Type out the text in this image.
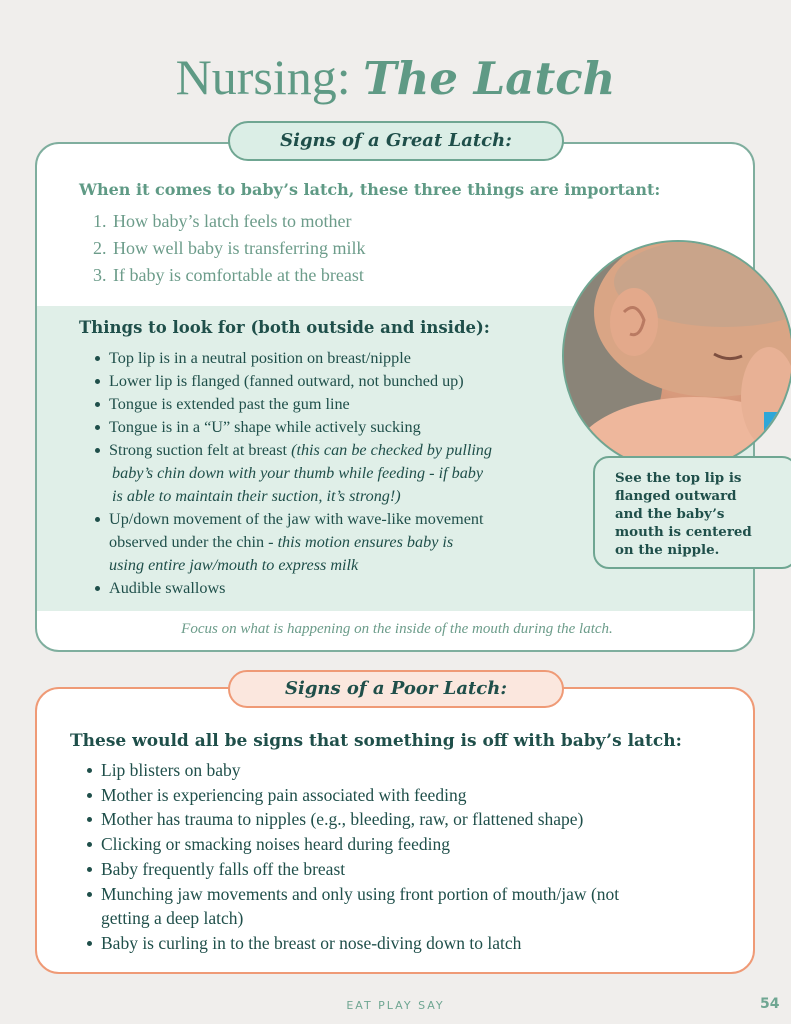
Nursing: The Latch
When it comes to baby’s latch, these three things are important:
1. How baby’s latch feels to mother
2. How well baby is transferring milk
3. If baby is comfortable at the breast
Things to look for (both outside and inside):
Top lip is in a neutral position on breast/nipple
Lower lip is flanged (fanned outward, not bunched up)
Tongue is extended past the gum line
Tongue is in a “U” shape while actively sucking
Strong suction felt at breast (this can be checked by pulling
baby’s chin down with your thumb while feeding - if baby
is able to maintain their suction, it’s strong!)
Up/down movement of the jaw with wave-like movement
observed under the chin - this motion ensures baby is
using entire jaw/mouth to express milk
Audible swallows
Focus on what is happening on the inside of the mouth during the latch.
Signs of a Great Latch:
See the top lip is
flanged outward
and the baby’s
mouth is centered
on the nipple.
These would all be signs that something is off with baby’s latch:
Lip blisters on baby
Mother is experiencing pain associated with feeding
Mother has trauma to nipples (e.g., bleeding, raw, or flattened shape)
Clicking or smacking noises heard during feeding
Baby frequently falls off the breast
Munching jaw movements and only using front portion of mouth/jaw (not
getting a deep latch)
Baby is curling in to the breast or nose-diving down to latch
Signs of a Poor Latch:
EAT PLAY SAY	54
